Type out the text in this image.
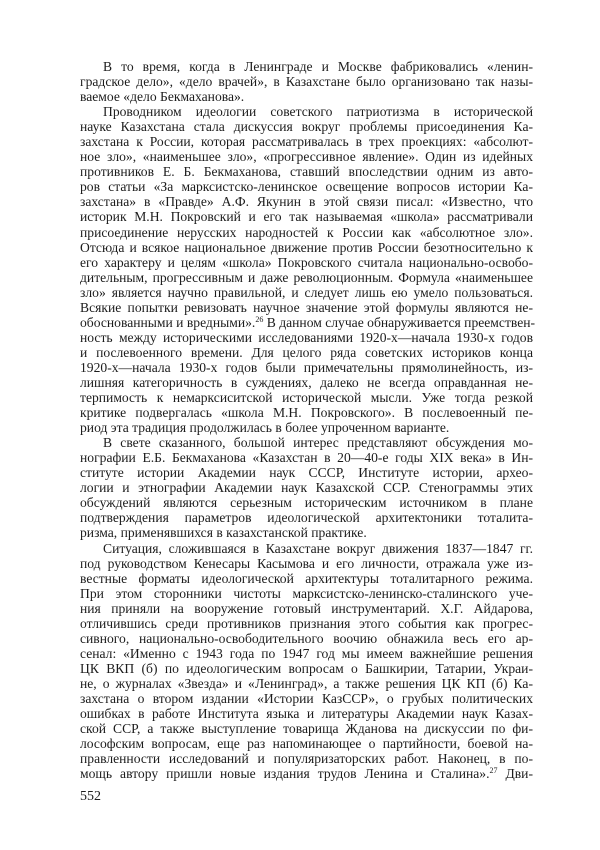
В то время, когда в Ленинграде и Москве фабриковались «ленин-
градское дело», «дело врачей», в Казахстане было организовано так назы-
ваемое «дело Бекмаханова».
Проводником идеологии советского патриотизма в исторической
науке Казахстана стала дискуссия вокруг проблемы присоединения Ка-
захстана к России, которая рассматривалась в трех проекциях: «абсолют-
ное зло», «наименьшее зло», «прогрессивное явление». Один из идейных
противников Е. Б. Бекмаханова, ставший впоследствии одним из авто-
ров статьи «За марксистско-ленинское освещение вопросов истории Ка-
захстана» в «Правде» А.Ф. Якунин в этой связи писал: «Известно, что
историк М.Н. Покровский и его так называемая «школа» рассматривали
присоединение нерусских народностей к России как «абсолютное зло».
Отсюда и всякое национальное движение против России безотносительно к
его характеру и целям «школа» Покровского считала национально-освобо-
дительным, прогрессивным и даже революционным. Формула «наименьшее
зло» является научно правильной, и следует лишь ею умело пользоваться.
Всякие попытки ревизовать научное значение этой формулы являются не-
обоснованными и вредными».$^{26}$ В данном случае обнаруживается преемствен-
ность между историческими исследованиями 1920-х—начала 1930-х годов
и послевоенного времени. Для целого ряда советских историков конца
1920-х—начала 1930-х годов были примечательны прямолинейность, из-
лишняя категоричность в суждениях, далеко не всегда оправданная не-
терпимость к немарксиситской исторической мысли. Уже тогда резкой
критике подвергалась «школа М.Н. Покровского». В послевоенный пе-
риод эта традиция продолжилась в более упроченном варианте.
В свете сказанного, большой интерес представляют обсуждения мо-
нографии Е.Б. Бекмаханова «Казахстан в 20—40-е годы XIX века» в Ин-
ституте истории Академии наук СССР, Институте истории, архео-
логии и этнографии Академии наук Казахской ССР. Стенограммы этих
обсуждений являются серьезным историческим источником в плане
подтверждения параметров идеологической архитектоники тоталита-
ризма, применявшихся в казахстанской практике.
Ситуация, сложившаяся в Казахстане вокруг движения 1837—1847 гг.
под руководством Кенесары Касымова и его личности, отражала уже из-
вестные форматы идеологической архитектуры тоталитарного режима.
При этом сторонники чистоты марксистско-ленинско-сталинского уче-
ния приняли на вооружение готовый инструментарий. Х.Г. Айдарова,
отличившись среди противников признания этого события как прогрес-
сивного, национально-освободительного воочию обнажила весь его ар-
сенал: «Именно с 1943 года по 1947 год мы имеем важнейшие решения
ЦК ВКП (б) по идеологическим вопросам о Башкирии, Татарии, Украи-
не, о журналах «Звезда» и «Ленинград», а также решения ЦК КП (б) Ка-
захстана о втором издании «Истории КазССР», о грубых политических
ошибках в работе Института языка и литературы Академии наук Казах-
ской ССР, а также выступление товарища Жданова на дискуссии по фи-
лософским вопросам, еще раз напоминающее о партийности, боевой на-
правленности исследований и популяризаторских работ. Наконец, в по-
мощь автору пришли новые издания трудов Ленина и Сталина».$^{27}$ Дви-
552
